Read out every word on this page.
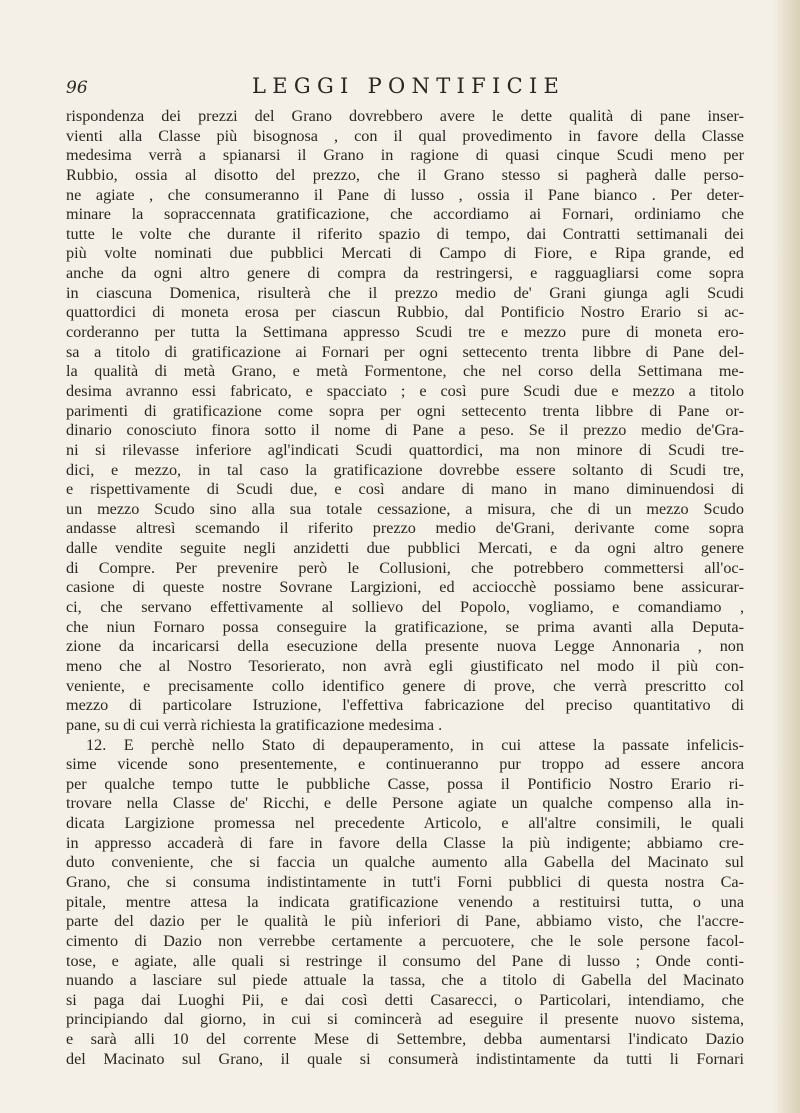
96	LEGGI PONTIFICIE
rispondenza dei prezzi del Grano dovrebbero avere le dette qualità di pane inser-
vienti alla Classe più bisognosa , con il qual provedimento in favore della Classe
medesima verrà a spianarsi il Grano in ragione di quasi cinque Scudi meno per
Rubbio, ossia al disotto del prezzo, che il Grano stesso si pagherà dalle perso-
ne agiate , che consumeranno il Pane di lusso , ossia il Pane bianco . Per deter-
minare la sopraccennata gratificazione, che accordiamo ai Fornari, ordiniamo che
tutte le volte che durante il riferito spazio di tempo, dai Contratti settimanali dei
più volte nominati due pubblici Mercati di Campo di Fiore, e Ripa grande, ed
anche da ogni altro genere di compra da restringersi, e ragguagliarsi come sopra
in ciascuna Domenica, risulterà che il prezzo medio de' Grani giunga agli Scudi
quattordici di moneta erosa per ciascun Rubbio, dal Pontificio Nostro Erario si ac-
corderanno per tutta la Settimana appresso Scudi tre e mezzo pure di moneta ero-
sa a titolo di gratificazione ai Fornari per ogni settecento trenta libbre di Pane del-
la qualità di metà Grano, e metà Formentone, che nel corso della Settimana me-
desima avranno essi fabricato, e spacciato ; e così pure Scudi due e mezzo a titolo
parimenti di gratificazione come sopra per ogni settecento trenta libbre di Pane or-
dinario conosciuto finora sotto il nome di Pane a peso. Se il prezzo medio de'Gra-
ni si rilevasse inferiore agl'indicati Scudi quattordici, ma non minore di Scudi tre-
dici, e mezzo, in tal caso la gratificazione dovrebbe essere soltanto di Scudi tre,
e rispettivamente di Scudi due, e così andare di mano in mano diminuendosi di
un mezzo Scudo sino alla sua totale cessazione, a misura, che di un mezzo Scudo
andasse altresì scemando il riferito prezzo medio de'Grani, derivante come sopra
dalle vendite seguite negli anzidetti due pubblici Mercati, e da ogni altro genere
di Compre. Per prevenire però le Collusioni, che potrebbero commettersi all'oc-
casione di queste nostre Sovrane Largizioni, ed acciocchè possiamo bene assicurar-
ci, che servano effettivamente al sollievo del Popolo, vogliamo, e comandiamo ,
che niun Fornaro possa conseguire la gratificazione, se prima avanti alla Deputa-
zione da incaricarsi della esecuzione della presente nuova Legge Annonaria , non
meno che al Nostro Tesorierato, non avrà egli giustificato nel modo il più con-
veniente, e precisamente collo identifico genere di prove, che verrà prescritto col
mezzo di particolare Istruzione, l'effettiva fabricazione del preciso quantitativo di
pane, su di cui verrà richiesta la gratificazione medesima .
12. E perchè nello Stato di depauperamento, in cui attese la passate infelicis-
sime vicende sono presentemente, e continueranno pur troppo ad essere ancora
per qualche tempo tutte le pubbliche Casse, possa il Pontificio Nostro Erario ri-
trovare nella Classe de' Ricchi, e delle Persone agiate un qualche compenso alla in-
dicata Largizione promessa nel precedente Articolo, e all'altre consimili, le quali
in appresso accaderà di fare in favore della Classe la più indigente; abbiamo cre-
duto conveniente, che si faccia un qualche aumento alla Gabella del Macinato sul
Grano, che si consuma indistintamente in tutt'i Forni pubblici di questa nostra Ca-
pitale, mentre attesa la indicata gratificazione venendo a restituirsi tutta, o una
parte del dazio per le qualità le più inferiori di Pane, abbiamo visto, che l'accre-
cimento di Dazio non verrebbe certamente a percuotere, che le sole persone facol-
tose, e agiate, alle quali si restringe il consumo del Pane di lusso ; Onde conti-
nuando a lasciare sul piede attuale la tassa, che a titolo di Gabella del Macinato
si paga dai Luoghi Pii, e dai così detti Casarecci, o Particolari, intendiamo, che
principiando dal giorno, in cui si comincerà ad eseguire il presente nuovo sistema,
e sarà alli 10 del corrente Mese di Settembre, debba aumentarsi l'indicato Dazio
del Macinato sul Grano, il quale si consumerà indistintamente da tutti li Fornari
